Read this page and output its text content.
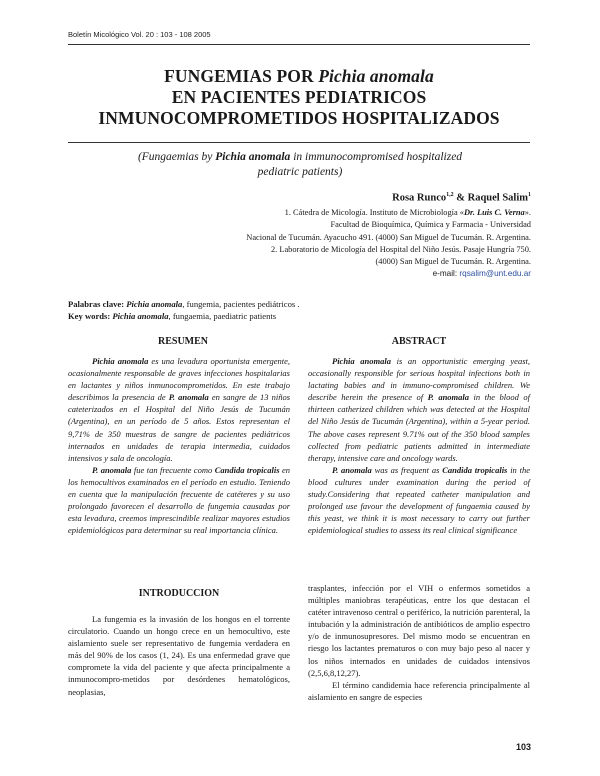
Boletín Micológico Vol. 20 : 103 - 108 2005
FUNGEMIAS POR Pichia anomala
EN PACIENTES PEDIATRICOS
INMUNOCOMPROMETIDOS HOSPITALIZADOS
(Fungaemias by Pichia anomala in immunocompromised hospitalized
pediatric patients)
Rosa Runco$^{1,2}$ & Raquel Salim$^1$
1. Cátedra de Micología. Instituto de Microbiología «Dr. Luis C. Verna».
Facultad de Bioquímica, Química y Farmacia - Universidad
Nacional de Tucumán. Ayacucho 491. (4000) San Miguel de Tucumán. R. Argentina.
2. Laboratorio de Micología del Hospital del Niño Jesús. Pasaje Hungría 750.
(4000) San Miguel de Tucumán. R. Argentina.
e-mail: rqsalim@unt.edu.ar
Palabras clave: Pichia anomala, fungemia, pacientes pediátricos .
Key words: Pichia anomala, fungaemia, paediatric patients
RESUMEN

Pichia anomala es una levadura oportunista emergente, ocasionalmente responsable de graves infecciones hospitalarias en lactantes y niños inmunocomprometidos. En este trabajo describimos la presencia de P. anomala en sangre de 13 niños cateterizados en el Hospital del Niño Jesús de Tucumán (Argentina), en un período de 5 años. Estos representan el 9,71% de 350 muestras de sangre de pacientes pediátricos internados en unidades de terapia intermedia, cuidados intensivos y sala de oncología.

P. anomala fue tan frecuente como Candida tropicalis en los hemocultivos examinados en el período en estudio. Teniendo en cuenta que la manipulación frecuente de catéteres y su uso prolongado favorecen el desarrollo de fungemia causadas por esta levadura, creemos imprescindible realizar mayores estudios epidemiológicos para determinar su real importancia clínica.

ABSTRACT

Pichia anomala is an opportunistic emerging yeast, occasionally responsible for serious hospital infections both in lactating babies and in immuno-compromised children. We describe herein the presence of P. anomala in the blood of thirteen catherized children which was detected at the Hospital del Niño Jesús de Tucumán (Argentina), within a 5-year period. The above cases represent 9.71% out of the 350 blood samples collected from pediatric patients admitted in intermediate therapy, intensive care and oncology wards.

P. anomala was as frequent as Candida tropicalis in the blood cultures under examination during the period of study.Considering that repeated catheter manipulation and prolonged use favour the development of fungaemia caused by this yeast, we think it is most necessary to carry out further epidemiological studies to assess its real clinical significance

INTRODUCCION

La fungemia es la invasión de los hongos en el torrente circulatorio. Cuando un hongo crece en un hemocultivo, este aislamiento suele ser representativo de fungemia verdadera en más del 90% de los casos (1, 24). Es una enfermedad grave que compromete la vida del paciente y que afecta principalmente a inmunocompro-metidos por desórdenes hematológicos, neoplasias,

trasplantes, infección por el VIH o enfermos sometidos a múltiples maniobras terapéuticas, entre los que destacan el catéter intravenoso central o periférico, la nutrición parenteral, la intubación y la administración de antibióticos de amplio espectro y/o de inmunosupresores. Del mismo modo se encuentran en riesgo los lactantes prematuros o con muy bajo peso al nacer y los niños internados en unidades de cuidados intensivos (2,5,6,8,12,27).

El término candidemia hace referencia principalmente al aislamiento en sangre de especies

103
